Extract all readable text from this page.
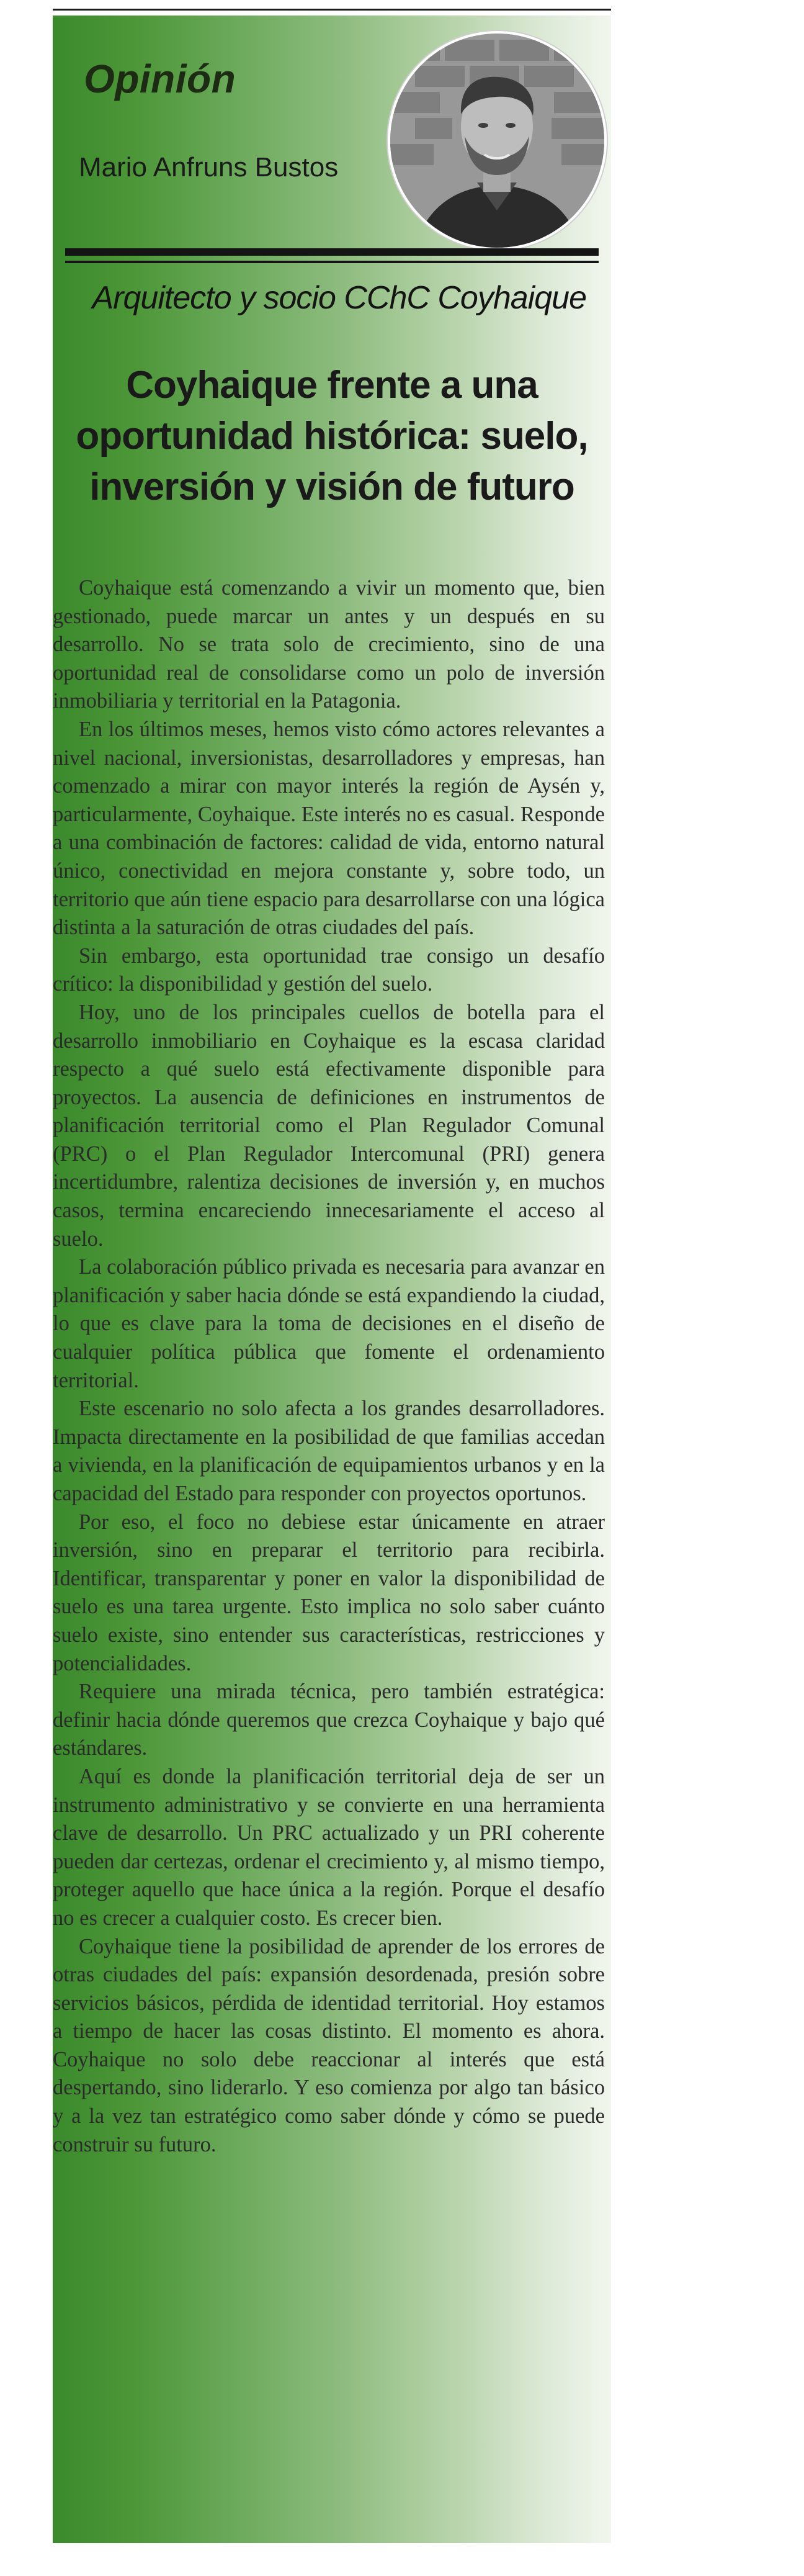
Opinión
Mario Anfruns Bustos
Arquitecto y socio CChC Coyhaique
Coyhaique frente a una oportunidad histórica: suelo, inversión y visión de futuro

Coyhaique está comenzando a vivir un momento que, bien gestionado, puede marcar un antes y un después en su desarrollo. No se trata solo de crecimiento, sino de una oportunidad real de consolidarse como un polo de inversión inmobiliaria y territorial en la Patagonia.

En los últimos meses, hemos visto cómo actores relevantes a nivel nacional, inversionistas, desarrolladores y empresas, han comenzado a mirar con mayor interés la región de Aysén y, particularmente, Coyhaique. Este interés no es casual. Responde a una combinación de factores: calidad de vida, entorno natural único, conectividad en mejora constante y, sobre todo, un territorio que aún tiene espacio para desarrollarse con una lógica distinta a la saturación de otras ciudades del país.

Sin embargo, esta oportunidad trae consigo un desafío crítico: la disponibilidad y gestión del suelo.

Hoy, uno de los principales cuellos de botella para el desarrollo inmobiliario en Coyhaique es la escasa claridad respecto a qué suelo está efectivamente disponible para proyectos. La ausencia de definiciones en instrumentos de planificación territorial como el Plan Regulador Comunal (PRC) o el Plan Regulador Intercomunal (PRI) genera incertidumbre, ralentiza decisiones de inversión y, en muchos casos, termina encareciendo innecesariamente el acceso al suelo.

La colaboración público privada es necesaria para avanzar en planificación y saber hacia dónde se está expandiendo la ciudad, lo que es clave para la toma de decisiones en el diseño de cualquier política pública que fomente el ordenamiento territorial.

Este escenario no solo afecta a los grandes desarrolladores. Impacta directamente en la posibilidad de que familias accedan a vivienda, en la planificación de equipamientos urbanos y en la capacidad del Estado para responder con proyectos oportunos.

Por eso, el foco no debiese estar únicamente en atraer inversión, sino en preparar el territorio para recibirla. Identificar, transparentar y poner en valor la disponibilidad de suelo es una tarea urgente. Esto implica no solo saber cuánto suelo existe, sino entender sus características, restricciones y potencialidades.

Requiere una mirada técnica, pero también estratégica: definir hacia dónde queremos que crezca Coyhaique y bajo qué estándares.

Aquí es donde la planificación territorial deja de ser un instrumento administrativo y se convierte en una herramienta clave de desarrollo. Un PRC actualizado y un PRI coherente pueden dar certezas, ordenar el crecimiento y, al mismo tiempo, proteger aquello que hace única a la región. Porque el desafío no es crecer a cualquier costo. Es crecer bien.

Coyhaique tiene la posibilidad de aprender de los errores de otras ciudades del país: expansión desordenada, presión sobre servicios básicos, pérdida de identidad territorial. Hoy estamos a tiempo de hacer las cosas distinto. El momento es ahora. Coyhaique no solo debe reaccionar al interés que está despertando, sino liderarlo. Y eso comienza por algo tan básico y a la vez tan estratégico como saber dónde y cómo se puede construir su futuro.
